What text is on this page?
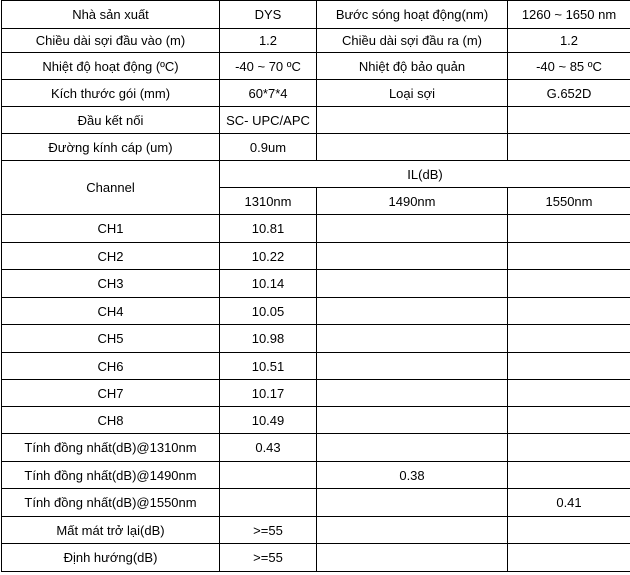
Nhà sản xuất	DYS	Bước sóng hoạt động(nm)	1260 ~ 1650 nm
Chiều dài sợi đầu vào (m)	1.2	Chiều dài sợi đầu ra (m)	1.2
Nhiệt độ hoạt động (ºC)	-40 ~ 70 ºC	Nhiệt độ bảo quản	-40 ~ 85 ºC
Kích thước gói (mm)	60*7*4	Loại sợi	G.652D
Đầu kết nối	SC- UPC/APC		
Đường kính cáp (um)	0.9um		
Channel	IL(dB)		
	1310nm	1490nm	1550nm
CH1	10.81		
CH2	10.22		
CH3	10.14		
CH4	10.05		
CH5	10.98		
CH6	10.51		
CH7	10.17		
CH8	10.49		
Tính đồng nhất(dB)@1310nm	0.43		
Tính đồng nhất(dB)@1490nm		0.38	
Tính đồng nhất(dB)@1550nm			0.41
Mất mát trở lại(dB)	>=55		
Định hướng(dB)	>=55		
